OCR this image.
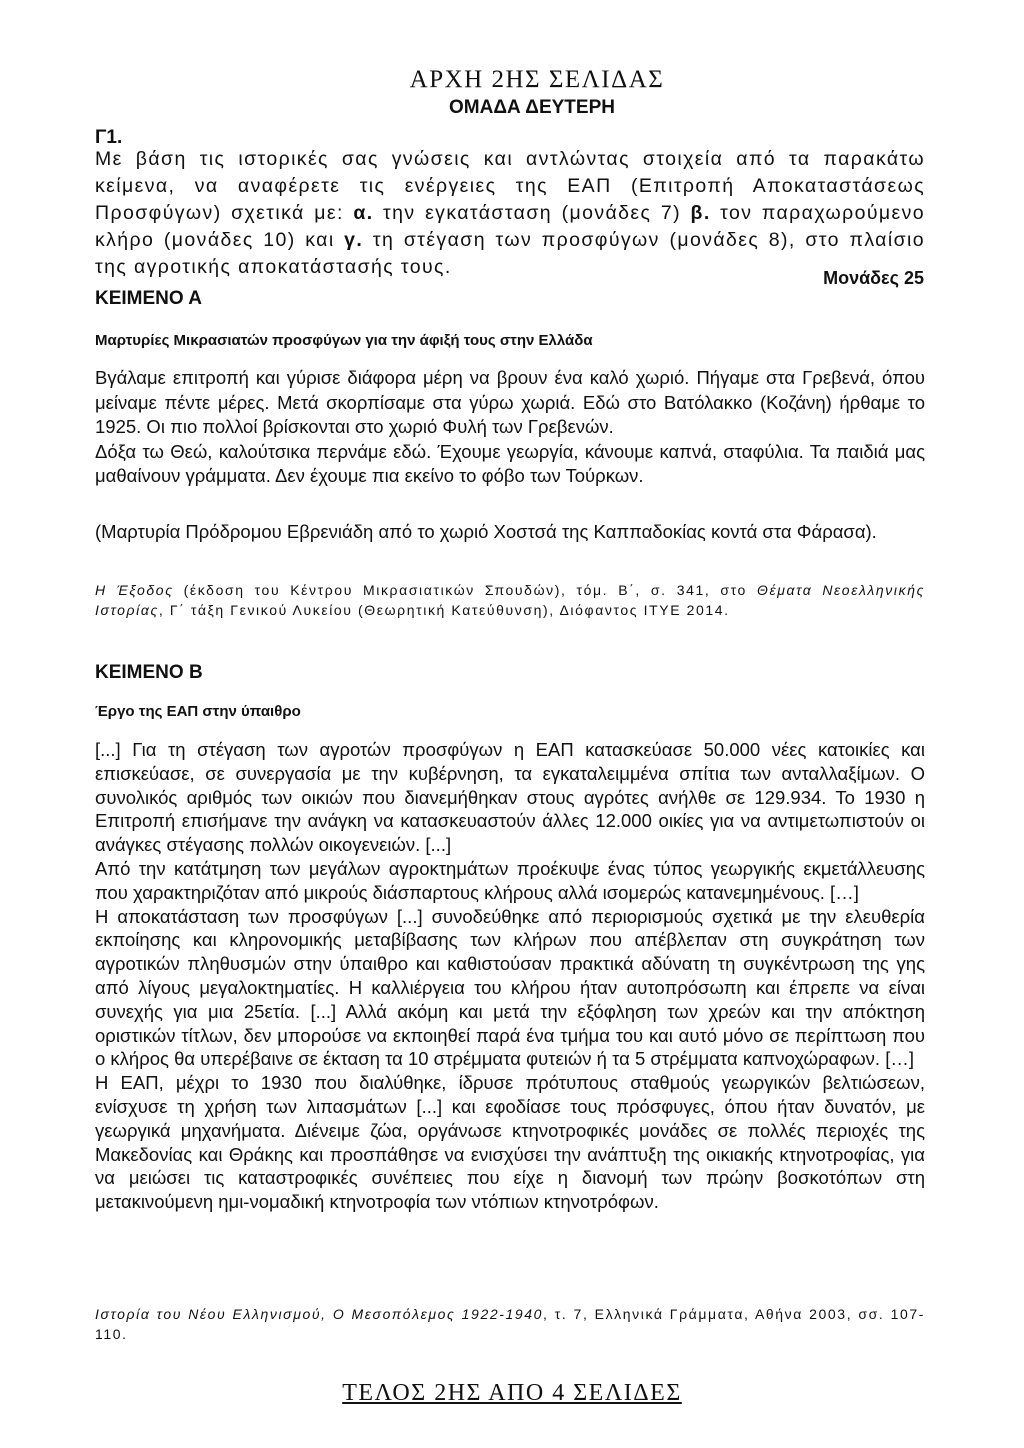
ΑΡΧΗ 2ΗΣ ΣΕΛΙΔΑΣ
ΟΜΑΔΑ ΔΕΥΤΕΡΗ
Γ1.
Με βάση τις ιστορικές σας γνώσεις και αντλώντας στοιχεία από τα παρακάτω κείμενα, να αναφέρετε τις ενέργειες της ΕΑΠ (Επιτροπή Αποκαταστάσεως Προσφύγων) σχετικά με: α. την εγκατάσταση (μονάδες 7) β. τον παραχωρούμενο κλήρο (μονάδες 10) και γ. τη στέγαση των προσφύγων (μονάδες 8), στο πλαίσιο της αγροτικής αποκατάστασής τους.	Μονάδες 25
ΚΕΙΜΕΝΟ Α
Μαρτυρίες Μικρασιατών προσφύγων για την άφιξή τους στην Ελλάδα

Βγάλαμε επιτροπή και γύρισε διάφορα μέρη να βρουν ένα καλό χωριό. Πήγαμε στα Γρεβενά, όπου μείναμε πέντε μέρες. Μετά σκορπίσαμε στα γύρω χωριά. Εδώ στο Βατόλακκο (Κοζάνη) ήρθαμε το 1925. Οι πιο πολλοί βρίσκονται στο χωριό Φυλή των Γρεβενών.

Δόξα τω Θεώ, καλούτσικα περνάμε εδώ. Έχουμε γεωργία, κάνουμε καπνά, σταφύλια. Τα παιδιά μας μαθαίνουν γράμματα. Δεν έχουμε πια εκείνο το φόβο των Τούρκων.

(Μαρτυρία Πρόδρομου Εβρενιάδη από το χωριό Χοστσά της Καππαδοκίας κοντά στα Φάρασα).
Η Έξοδος (έκδοση του Κέντρου Μικρασιατικών Σπουδών), τόμ. Β΄, σ. 341, στο Θέματα Νεοελληνικής Ιστορίας, Γ΄ τάξη Γενικού Λυκείου (Θεωρητική Κατεύθυνση), Διόφαντος ΙΤΥΕ 2014.
ΚΕΙΜΕΝΟ Β
Έργο της ΕΑΠ στην ύπαιθρο

[...] Για τη στέγαση των αγροτών προσφύγων η ΕΑΠ κατασκεύασε 50.000 νέες κατοικίες και επισκεύασε, σε συνεργασία με την κυβέρνηση, τα εγκαταλειμμένα σπίτια των ανταλλαξίμων. Ο συνολικός αριθμός των οικιών που διανεμήθηκαν στους αγρότες ανήλθε σε 129.934. Το 1930 η Επιτροπή επισήμανε την ανάγκη να κατασκευαστούν άλλες 12.000 οικίες για να αντιμετωπιστούν οι ανάγκες στέγασης πολλών οικογενειών. [...]

Από την κατάτμηση των μεγάλων αγροκτημάτων προέκυψε ένας τύπος γεωργικής εκμετάλλευσης που χαρακτηριζόταν από μικρούς διάσπαρτους κλήρους αλλά ισομερώς κατανεμημένους. […]

Η αποκατάσταση των προσφύγων [...] συνοδεύθηκε από περιορισμούς σχετικά με την ελευθερία εκποίησης και κληρονομικής μεταβίβασης των κλήρων που απέβλεπαν στη συγκράτηση των αγροτικών πληθυσμών στην ύπαιθρο και καθιστούσαν πρακτικά αδύνατη τη συγκέντρωση της γης από λίγους μεγαλοκτηματίες. Η καλλιέργεια του κλήρου ήταν αυτοπρόσωπη και έπρεπε να είναι συνεχής για μια 25ετία. [...] Αλλά ακόμη και μετά την εξόφληση των χρεών και την απόκτηση οριστικών τίτλων, δεν μπορούσε να εκποιηθεί παρά ένα τμήμα του και αυτό μόνο σε περίπτωση που ο κλήρος θα υπερέβαινε σε έκταση τα 10 στρέμματα φυτειών ή τα 5 στρέμματα καπνοχώραφων. […]

Η ΕΑΠ, μέχρι το 1930 που διαλύθηκε, ίδρυσε πρότυπους σταθμούς γεωργικών βελτιώσεων, ενίσχυσε τη χρήση των λιπασμάτων [...] και εφοδίασε τους πρόσφυγες, όπου ήταν δυνατόν, με γεωργικά μηχανήματα. Διένειμε ζώα, οργάνωσε κτηνοτροφικές μονάδες σε πολλές περιοχές της Μακεδονίας και Θράκης και προσπάθησε να ενισχύσει την ανάπτυξη της οικιακής κτηνοτροφίας, για να μειώσει τις καταστροφικές συνέπειες που είχε η διανομή των πρώην βοσκοτόπων στη μετακινούμενη ημι-νομαδική κτηνοτροφία των ντόπιων κτηνοτρόφων.

Ιστορία του Νέου Ελληνισμού, Ο Μεσοπόλεμος 1922-1940, τ. 7, Ελληνικά Γράμματα, Αθήνα 2003, σσ. 107-110.
ΤΕΛΟΣ 2ΗΣ ΑΠΟ 4 ΣΕΛΙΔΕΣ
